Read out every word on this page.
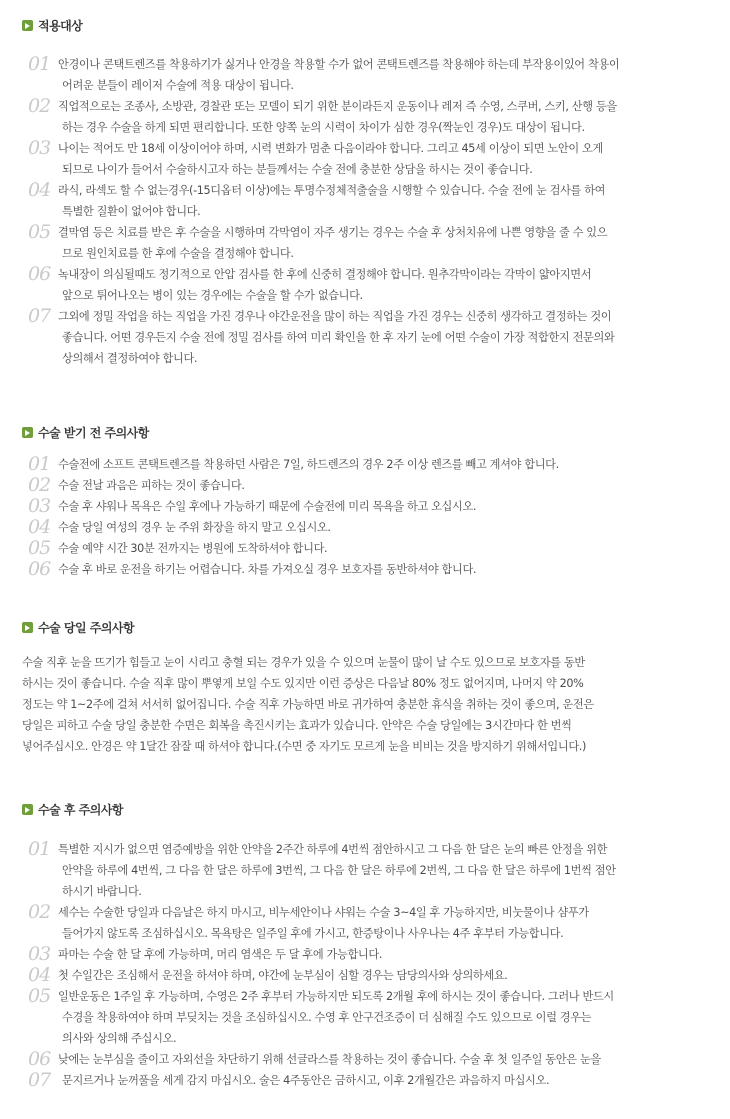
적용대상
01 안경이나 콘택트렌즈를 착용하기가 싫거나 안경을 착용할 수가 없어 콘택트렌즈를 착용해야 하는데 부작용이있어 착용이
어려운 분들이 레이저 수술에 적용 대상이 됩니다.
02 직업적으로는 조종사, 소방관, 경찰관 또는 모델이 되기 위한 분이라든지 운동이나 레저 즉 수영, 스쿠버, 스키, 산행 등을
하는 경우 수술을 하게 되면 편리합니다. 또한 양쪽 눈의 시력이 차이가 심한 경우(짝눈인 경우)도 대상이 됩니다.
03 나이는 적어도 만 18세 이상이어야 하며, 시력 변화가 멈춘 다음이라야 합니다. 그리고 45세 이상이 되면 노안이 오게
되므로 나이가 들어서 수술하시고자 하는 분들께서는 수술 전에 충분한 상담을 하시는 것이 좋습니다.
04 라식, 라섹도 할 수 없는경우(-15디옵터 이상)에는 투명수정체적출술을 시행할 수 있습니다. 수술 전에 눈 검사를 하여
특별한 질환이 없어야 합니다.
05 결막염 등은 치료를 받은 후 수술을 시행하며 각막염이 자주 생기는 경우는 수술 후 상처치유에 나쁜 영향을 줄 수 있으
므로 원인치료를 한 후에 수술을 결정해야 합니다.
06 녹내장이 의심될때도 정기적으로 안압 검사를 한 후에 신중히 결정해야 합니다. 원추각막이라는 각막이 얇아지면서
앞으로 튀어나오는 병이 있는 경우에는 수술을 할 수가 없습니다.
07 그외에 정밀 작업을 하는 직업을 가진 경우나 야간운전을 많이 하는 직업을 가진 경우는 신중히 생각하고 결정하는 것이
좋습니다. 어떤 경우든지 수술 전에 정밀 검사를 하여 미리 확인을 한 후 자기 눈에 어떤 수술이 가장 적합한지 전문의와
상의해서 결정하여야 합니다.
수술 받기 전 주의사항
01 수술전에 소프트 콘택트렌즈를 착용하던 사람은 7일, 하드렌즈의 경우 2주 이상 렌즈를 빼고 계셔야 합니다.
02 수술 전날 과음은 피하는 것이 좋습니다.
03 수술 후 샤워나 목욕은 수일 후에나 가능하기 때문에 수술전에 미리 목욕을 하고 오십시오.
04 수술 당일 여성의 경우 눈 주위 화장을 하지 말고 오십시오.
05 수술 예약 시간 30분 전까지는 병원에 도착하셔야 합니다.
06 수술 후 바로 운전을 하기는 어렵습니다. 차를 가져오실 경우 보호자를 동반하셔야 합니다.
수술 당일 주의사항
수술 직후 눈을 뜨기가 힘들고 눈이 시리고 충혈 되는 경우가 있을 수 있으며 눈물이 많이 날 수도 있으므로 보호자를 동반
하시는 것이 좋습니다. 수술 직후 많이 뿌옇게 보일 수도 있지만 이런 증상은 다음날 80% 정도 없어지며, 나머지 약 20%
정도는 약 1~2주에 걸쳐 서서히 없어집니다. 수술 직후 가능하면 바로 귀가하여 충분한 휴식을 취하는 것이 좋으며, 운전은
당일은 피하고 수술 당일 충분한 수면은 회복을 촉진시키는 효과가 있습니다. 안약은 수술 당일에는 3시간마다 한 번씩
넣어주십시오. 안경은 약 1달간 잠잘 때 하셔야 합니다.(수면 중 자기도 모르게 눈을 비비는 것을 방지하기 위해서입니다.)
수술 후 주의사항
01 특별한 지시가 없으면 염증예방을 위한 안약을 2주간 하루에 4번씩 점안하시고 그 다음 한 달은 눈의 빠른 안정을 위한
안약을 하루에 4번씩, 그 다음 한 달은 하루에 3번씩, 그 다음 한 달은 하루에 2번씩, 그 다음 한 달은 하루에 1번씩 점안
하시기 바랍니다.
02 세수는 수술한 당일과 다음날은 하지 마시고, 비누세안이나 샤워는 수술 3~4일 후 가능하지만, 비눗물이나 샴푸가
들어가지 않도록 조심하십시오. 목욕탕은 일주일 후에 가시고, 한증탕이나 사우나는 4주 후부터 가능합니다.
03 파마는 수술 한 달 후에 가능하며, 머리 염색은 두 달 후에 가능합니다.
04 첫 수일간은 조심해서 운전을 하셔야 하며, 야간에 눈부심이 심할 경우는 담당의사와 상의하세요.
05 일반운동은 1주일 후 가능하며, 수영은 2주 후부터 가능하지만 되도록 2개월 후에 하시는 것이 좋습니다. 그러나 반드시
수경을 착용하여야 하며 부딪치는 것을 조심하십시오. 수영 후 안구건조증이 더 심해질 수도 있으므로 이럴 경우는
의사와 상의해 주십시오.
06 낮에는 눈부심을 줄이고 자외선을 차단하기 위해 선글라스를 착용하는 것이 좋습니다. 수술 후 첫 일주일 동안은 눈을
07	문지르거나 눈꺼풀을 세게 감지 마십시오. 술은 4주동안은 금하시고, 이후 2개월간은 과음하지 마십시오.
